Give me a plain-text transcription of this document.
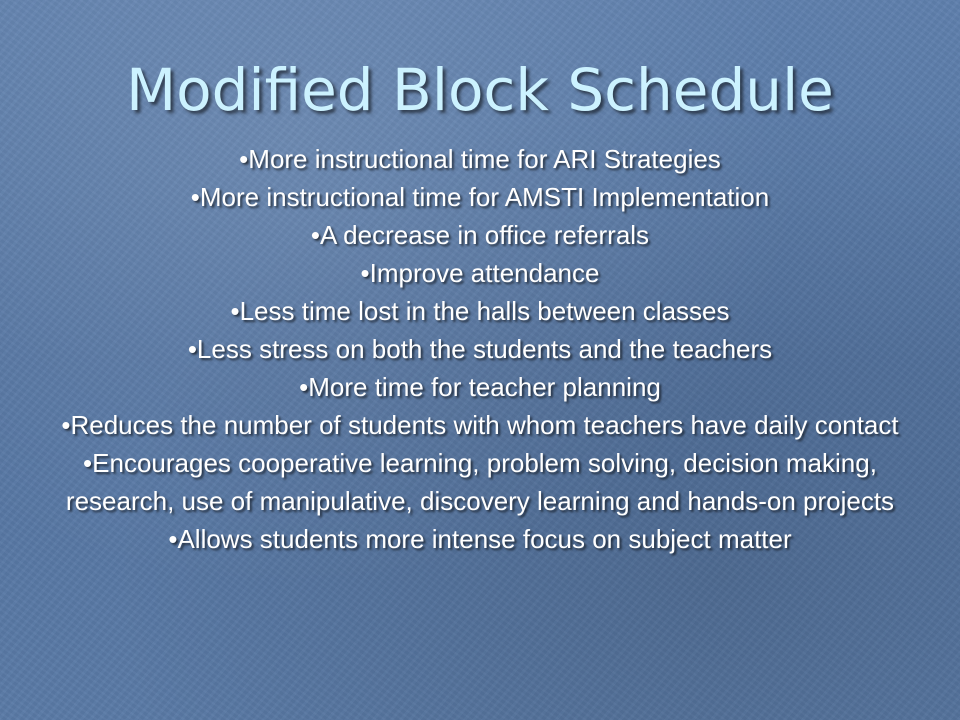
Modified Block Schedule
•More instructional time for ARI Strategies
•More instructional time for AMSTI Implementation
•A decrease in office referrals
•Improve attendance
•Less time lost in the halls between classes
•Less stress on both the students and the teachers
•More time for teacher planning
•Reduces the number of students with whom teachers have daily contact
•Encourages cooperative learning, problem solving, decision making, research, use of manipulative, discovery learning and hands-on projects
•Allows students more intense focus on subject matter
